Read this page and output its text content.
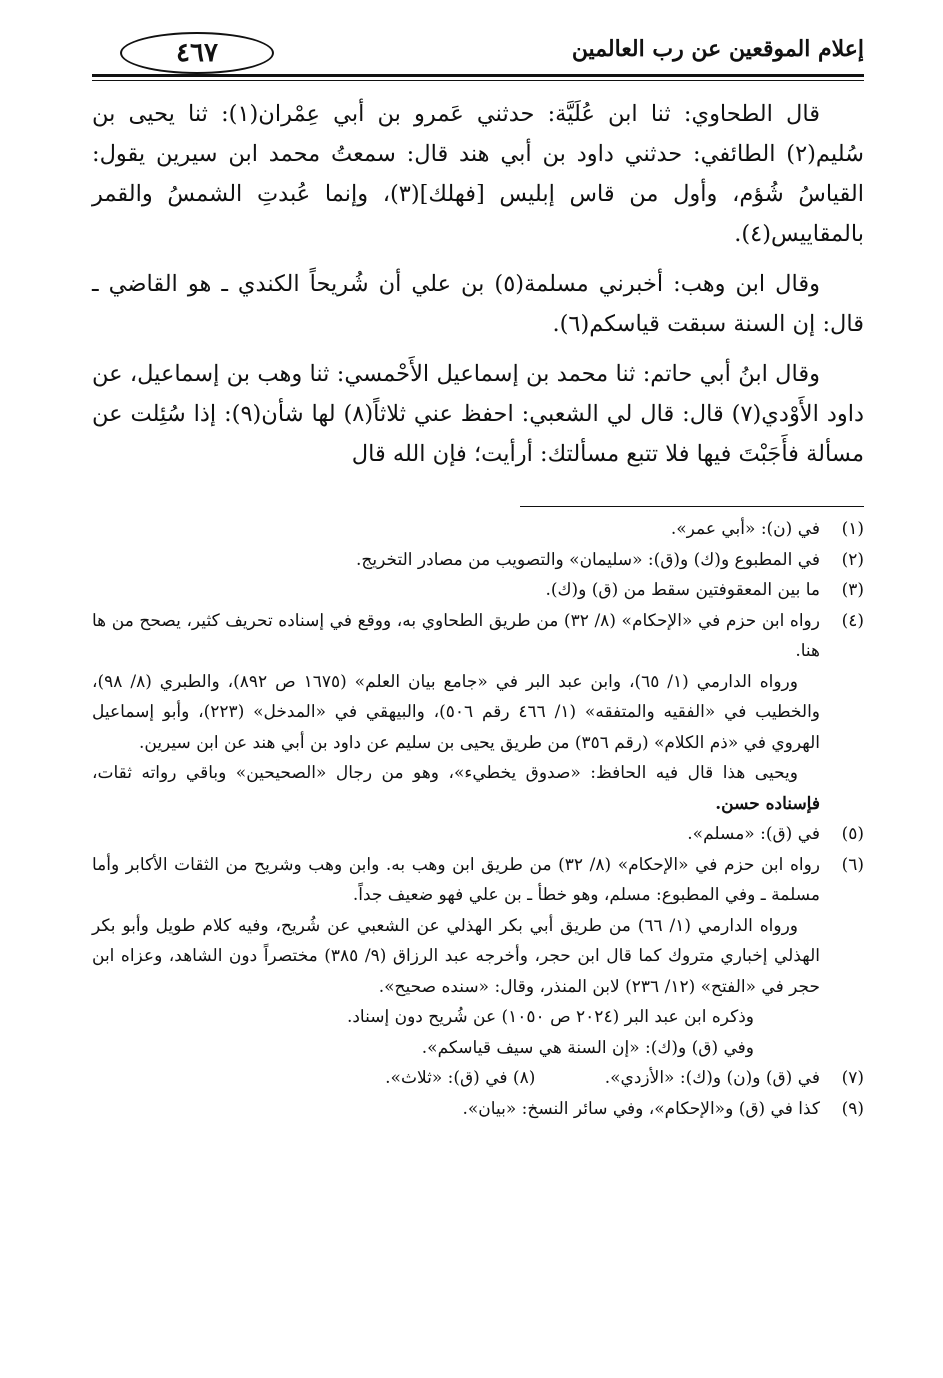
إعلام الموقعين عن رب العالمين
٤٦٧

قال الطحاوي: ثنا ابن عُلَيَّة: حدثني عَمرو بن أبي عِمْران(١): ثنا يحيى بن سُليم(٢) الطائفي: حدثني داود بن أبي هند قال: سمعتُ محمد ابن سيرين يقول: القياسُ شُؤم، وأول من قاس إبليس [فهلك](٣)، وإنما عُبدتِ الشمسُ والقمر بالمقاييس(٤).

وقال ابن وهب: أخبرني مسلمة(٥) بن علي أن شُريحاً الكندي ـ هو القاضي ـ قال: إن السنة سبقت قياسكم(٦).

وقال ابنُ أبي حاتم: ثنا محمد بن إسماعيل الأَحْمسي: ثنا وهب بن إسماعيل، عن داود الأَوْدي(٧) قال: قال لي الشعبي: احفظ عني ثلاثاً(٨) لها شأن(٩): إذا سُئِلت عن مسألة فأَجَبْتَ فيها فلا تتبع مسألتك: أرأيت؛ فإن الله قال

(١)
في (ن): «أبي عمر».
(٢)
في المطبوع و(ك) و(ق): «سليمان» والتصويب من مصادر التخريج.
(٣)
ما بين المعقوفتين سقط من (ق) و(ك).
(٤)
رواه ابن حزم في «الإحكام» (٨/ ٣٢) من طريق الطحاوي به، ووقع في إسناده تحريف كثير، يصحح من ها هنا.
ورواه الدارمي (١/ ٦٥)، وابن عبد البر في «جامع بيان العلم» (١٦٧٥ ص ٨٩٢)، والطبري (٨/ ٩٨)، والخطيب في «الفقيه والمتفقه» (١/ ٤٦٦ رقم ٥٠٦)، والبيهقي في «المدخل» (٢٢٣)، وأبو إسماعيل الهروي في «ذم الكلام» (رقم ٣٥٦) من طريق يحيى بن سليم عن داود بن أبي هند عن ابن سيرين.
ويحيى هذا قال فيه الحافظ: «صدوق يخطيء»، وهو من رجال «الصحيحين» وباقي رواته ثقات، فإسناده حسن.
(٥)
في (ق): «مسلم».
(٦)
رواه ابن حزم في «الإحكام» (٨/ ٣٢) من طريق ابن وهب به. وابن وهب وشريح من الثقات الأكابر وأما مسلمة ـ وفي المطبوع: مسلم، وهو خطأ ـ بن علي فهو ضعيف جداً.
ورواه الدارمي (١/ ٦٦) من طريق أبي بكر الهذلي عن الشعبي عن شُريح، وفيه كلام طويل وأبو بكر الهذلي إخباري متروك كما قال ابن حجر، وأخرجه عبد الرزاق (٩/ ٣٨٥) مختصراً دون الشاهد، وعزاه ابن حجر في «الفتح» (١٢/ ٢٣٦) لابن المنذر، وقال: «سنده صحيح».
وذكره ابن عبد البر (٢٠٢٤ ص ١٠٥٠) عن شُريح دون إسناد.
وفي (ق) و(ك): «إن السنة هي سيف قياسكم».
(٧)
في (ق) و(ن) و(ك): «الأزدي». (٨) في (ق): «ثلاث».
(٩)
كذا في (ق) و«الإحكام»، وفي سائر النسخ: «بيان».
